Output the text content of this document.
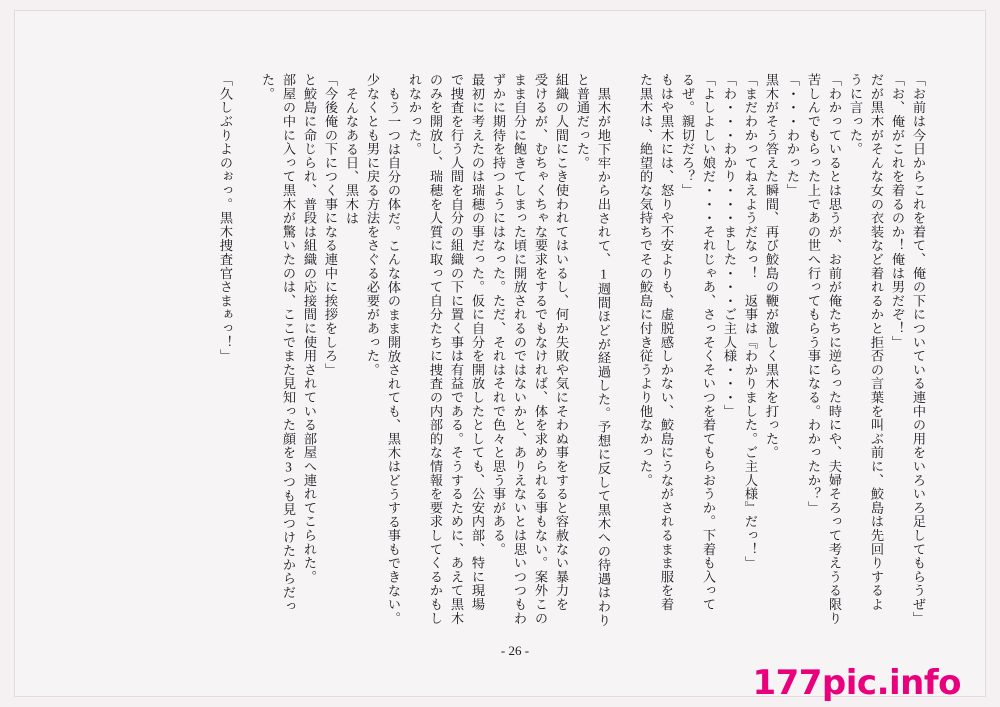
「お前は今日からこれを着て、俺の下についている連中の用をいろいろ足してもらうぜ」
「お、俺がこれを着るのか！俺は男だぞ！」
だが黒木がそんな女の衣装など着れるかと拒否の言葉を叫ぶ前に、鮫島は先回りするよ
うに言った。
「わかっているとは思うが、お前が俺たちに逆らった時にや、夫婦そろって考えうる限り
苦しんでもらった上であの世へ行ってもらう事になる。わかったか？」
「・・・わかった」
黒木がそう答えた瞬間、再び鮫島の鞭が激しく黒木を打った。
「まだわかってねえようだなっ！　返事は『わかりました。ご主人様』だっ！」
「わ・・・わかり・・・ました・・・ご主人様・・・」
「よしよしい娘だ・・・それじゃあ、さっそくそいつを着てもらおうか。下着も入って
るぜ。親切だろ？」
もはや黒木には、怒りや不安よりも、虚脱感しかない、鮫島にうながされるまま服を着
た黒木は、絶望的な気持ちでその鮫島に付き従うより他なかった。
黒木が地下牢から出されて、1週間ほどが経過した。予想に反して黒木への待遇はわり
と普通だった。
組織の人間にこき使われてはいるし、何か失敗や気にそわぬ事をすると容赦ない暴力を
受けるが、むちゃくちゃな要求をするでもなければ、体を求められる事もない。案外この
まま自分に飽きてしまった頃に開放されるのではないかと、ありえないとは思いつつもわ
ずかに期待を持つようにはなった。ただ、それはそれで色々と思う事がある。
最初に考えたのは瑞穂の事だった。仮に自分を開放したとしても、公安内部、特に現場
で捜査を行う人間を自分の組織の下に置く事は有益である。そうするために、あえて黒木
のみを開放し、瑞穂を人質に取って自分たちに捜査の内部的な情報を要求してくるかもし
れなかった。
もう一つは自分の体だ。こんな体のまま開放されても、黒木はどうする事もできない。
少なくとも男に戻る方法をさぐる必要があった。
そんなある日、黒木は
「今後俺の下につく事になる連中に挨拶をしろ」
と鮫島に命じられ、普段は組織の応接間に使用されている部屋へ連れてこられた。
部屋の中に入って黒木が驚いたのは、ここでまた見知った顔を3つも見つけたからだっ
た。
「久しぶりよのぉっ。黒木捜査官さまぁっ！」
- 26 -
177pic.info
